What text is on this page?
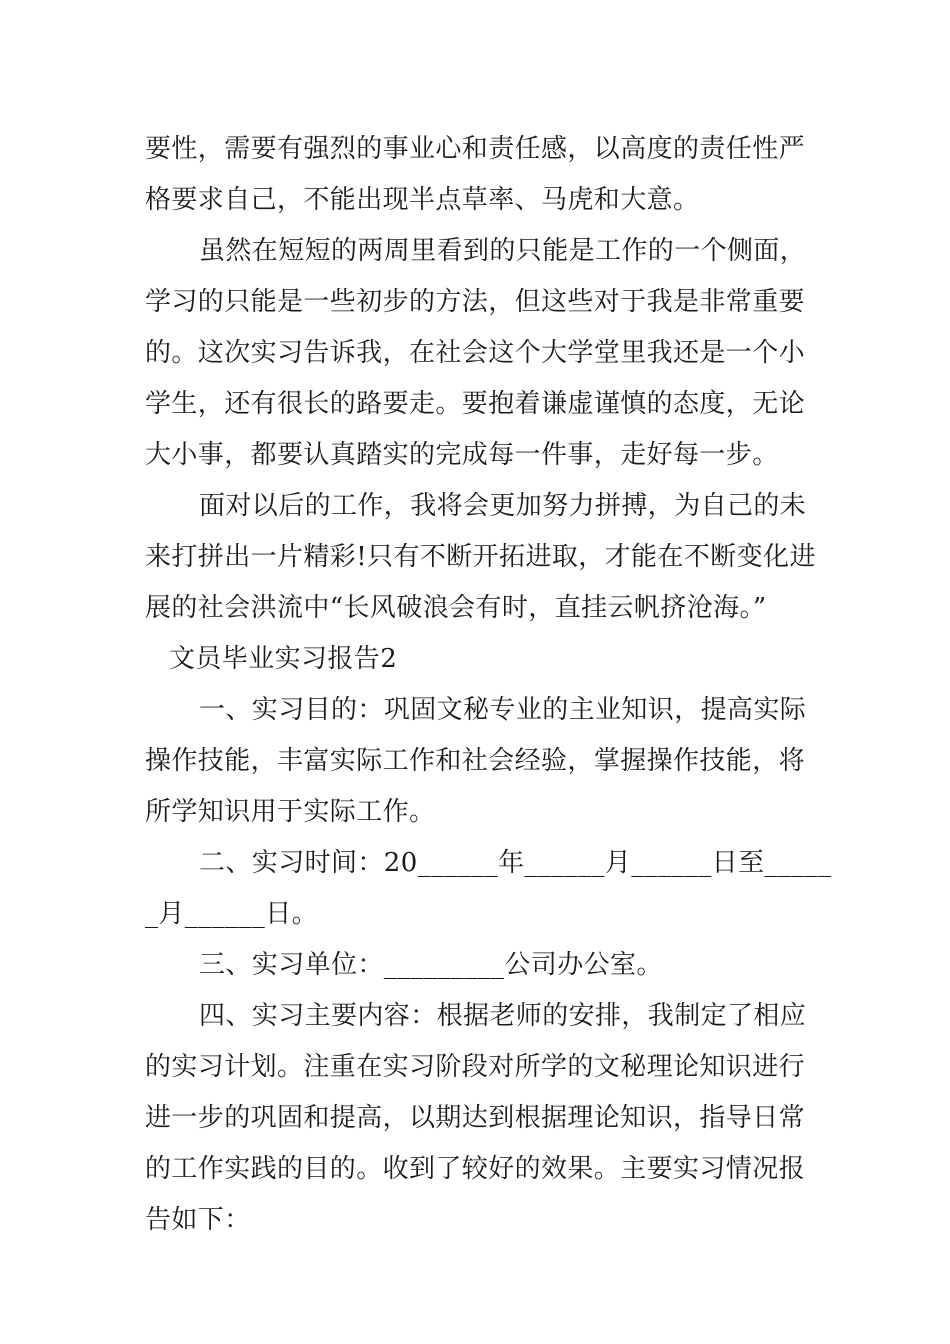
要性，需要有强烈的事业心和责任感，以高度的责任性严
格要求自己，不能出现半点草率、马虎和大意。
虽然在短短的两周里看到的只能是工作的一个侧面，
学习的只能是一些初步的方法，但这些对于我是非常重要
的。这次实习告诉我，在社会这个大学堂里我还是一个小
学生，还有很长的路要走。要抱着谦虚谨慎的态度，无论
大小事，都要认真踏实的完成每一件事，走好每一步。
面对以后的工作，我将会更加努力拼搏，为自己的未
来打拼出一片精彩!只有不断开拓进取，才能在不断变化进
展的社会洪流中“长风破浪会有时，直挂云帆挤沧海。”
文员毕业实习报告2
一、实习目的：巩固文秘专业的主业知识，提高实际
操作技能，丰富实际工作和社会经验，掌握操作技能，将
所学知识用于实际工作。
二、实习时间：20______年______月______日至_____
_月______日。
三、实习单位：_________公司办公室。
四、实习主要内容：根据老师的安排，我制定了相应
的实习计划。注重在实习阶段对所学的文秘理论知识进行
进一步的巩固和提高，以期达到根据理论知识，指导日常
的工作实践的目的。收到了较好的效果。主要实习情况报
告如下：
